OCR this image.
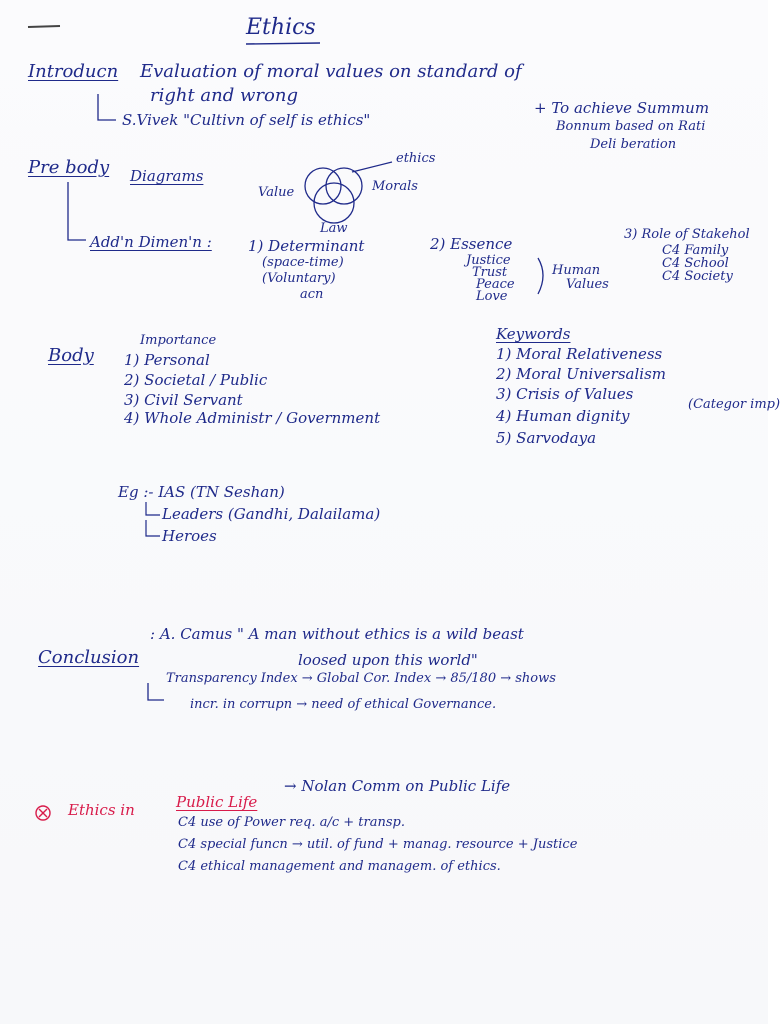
Ethics
Introducn Evaluation of moral values on standard of
right and wrong
S.Vivek "Cultivn of self is ethics"
+ To achieve Summum
Bonnum based on Rati
Deli beration
Pre body Diagrams
ethics
Value	Morals
Law
Add'n Dimen'n : 1) Determinant
(space-time)
(Voluntary)
acn
2) Essence
Justice
Trust
Peace
Love
Human
Values
3) Role of Stakehol
C4 Family
C4 School
C4 Society
Body
Importance
1) Personal
2) Societal / Public
3) Civil Servant
4) Whole Administr / Government
Keywords
1) Moral Relativeness
2) Moral Universalism
3) Crisis of Values
4) Human dignity
(Categor imp)
5) Sarvodaya
Eg :- IAS (TN Seshan)
Leaders (Gandhi, Dalailama)
Heroes
Conclusion
: A. Camus " A man without ethics is a wild beast
loosed upon this world"
Transparency Index → Global Cor. Index → 85/180 → shows
incr. in corrupn → need of ethical Governance.
Ethics in	Public Life
→ Nolan Comm on Public Life
C4 use of Power req. a/c + transp.
C4 special funcn → util. of fund + manag. resource + Justice
C4 ethical management and managem. of ethics.
